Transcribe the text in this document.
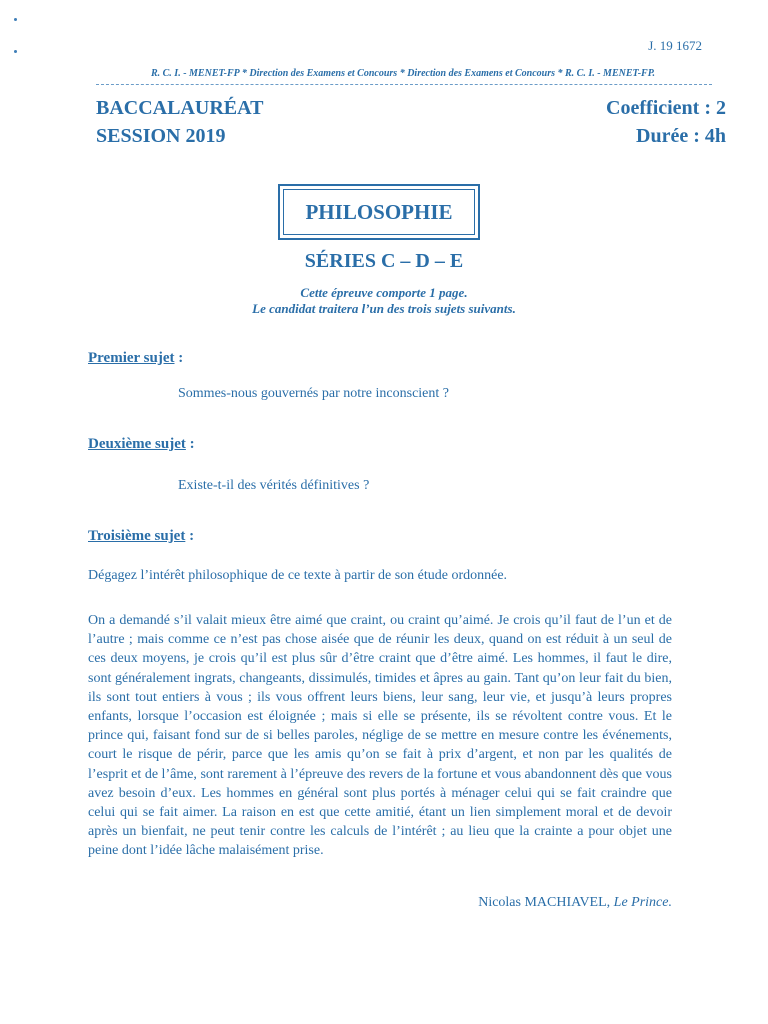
J. 19 1672
R. C. I. - MENET-FP * Direction des Examens et Concours * Direction des Examens et Concours * R. C. I. - MENET-FP.
BACCALAURÉAT
SESSION 2019
Coefficient : 2
Durée : 4h
PHILOSOPHIE
SÉRIES C – D – E
Cette épreuve comporte 1 page.
Le candidat traitera l’un des trois sujets suivants.
Premier sujet :
Sommes-nous gouvernés par notre inconscient ?
Deuxième sujet :
Existe-t-il des vérités définitives ?
Troisième sujet :
Dégagez l’intérêt philosophique de ce texte à partir de son étude ordonnée.
On a demandé s’il valait mieux être aimé que craint, ou craint qu’aimé. Je crois qu’il faut de l’un et de l’autre ; mais comme ce n’est pas chose aisée que de réunir les deux, quand on est réduit à un seul de ces deux moyens, je crois qu’il est plus sûr d’être craint que d’être aimé. Les hommes, il faut le dire, sont généralement ingrats, changeants, dissimulés, timides et âpres au gain. Tant qu’on leur fait du bien, ils sont tout entiers à vous ; ils vous offrent leurs biens, leur sang, leur vie, et jusqu’à leurs propres enfants, lorsque l’occasion est éloignée ; mais si elle se présente, ils se révoltent contre vous. Et le prince qui, faisant fond sur de si belles paroles, néglige de se mettre en mesure contre les événements, court le risque de périr, parce que les amis qu’on se fait à prix d’argent, et non par les qualités de l’esprit et de l’âme, sont rarement à l’épreuve des revers de la fortune et vous abandonnent dès que vous avez besoin d’eux. Les hommes en général sont plus portés à ménager celui qui se fait craindre que celui qui se fait aimer. La raison en est que cette amitié, étant un lien simplement moral et de devoir après un bienfait, ne peut tenir contre les calculs de l’intérêt ; au lieu que la crainte a pour objet une peine dont l’idée lâche malaisément prise.
Nicolas MACHIAVEL, Le Prince.
